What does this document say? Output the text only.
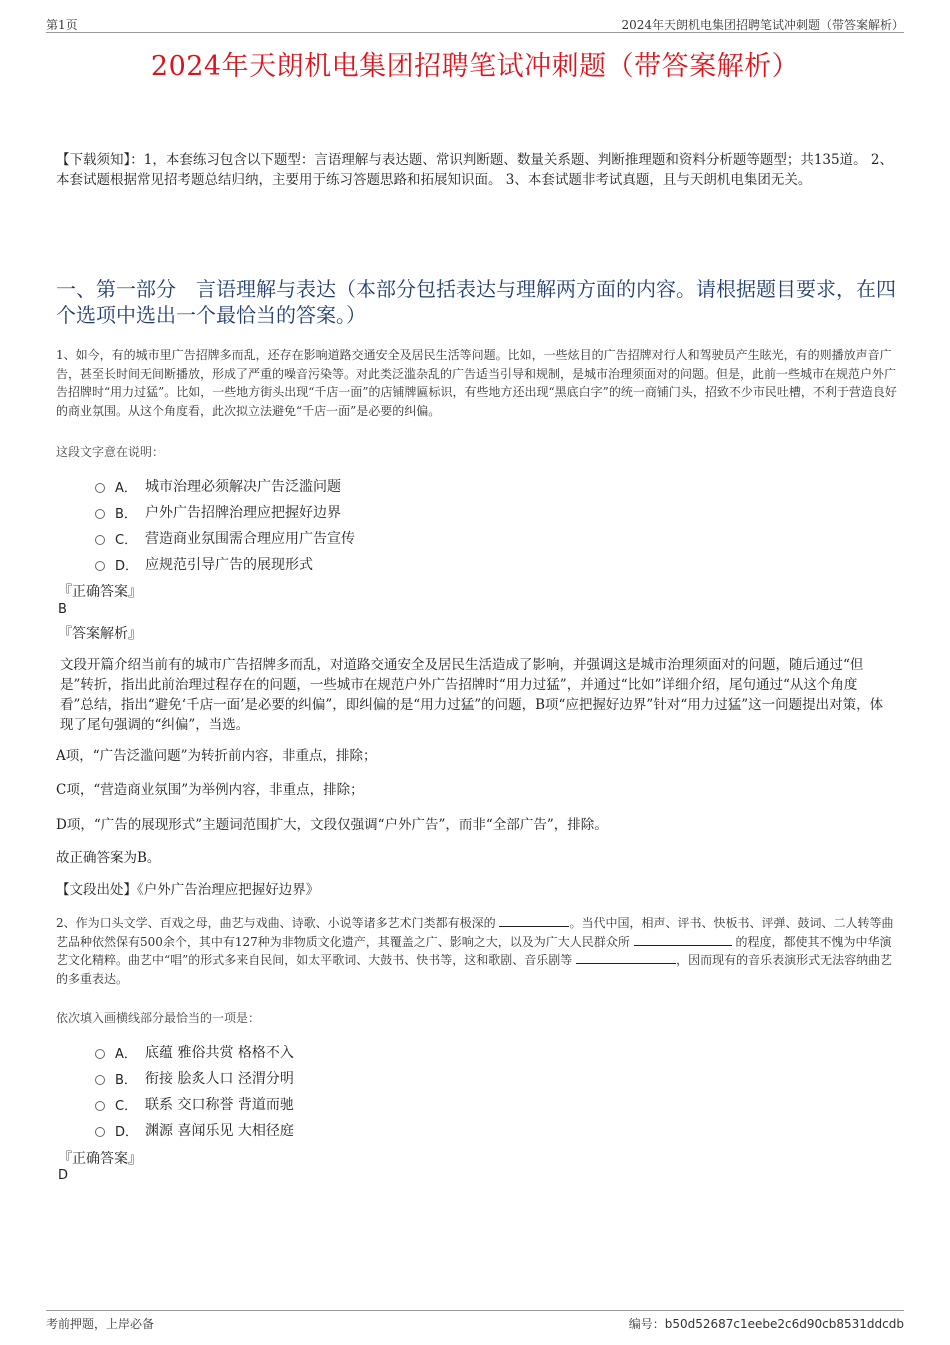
第1页	2024年天朗机电集团招聘笔试冲刺题（带答案解析）
2024年天朗机电集团招聘笔试冲刺题（带答案解析）
【下载须知】：1，本套练习包含以下题型：言语理解与表达题、常识判断题、数量关系题、判断推理题和资料分析题等题型；共135道。 2、本套试题根据常见招考题总结归纳，主要用于练习答题思路和拓展知识面。 3、本套试题非考试真题，且与天朗机电集团无关。
一、第一部分　言语理解与表达（本部分包括表达与理解两方面的内容。请根据题目要求，在四个选项中选出一个最恰当的答案。）
1、如今，有的城市里广告招牌多而乱，还存在影响道路交通安全及居民生活等问题。比如，一些炫目的广告招牌对行人和驾驶员产生眩光，有的则播放声音广告，甚至长时间无间断播放，形成了严重的噪音污染等。对此类泛滥杂乱的广告适当引导和规制，是城市治理须面对的问题。但是，此前一些城市在规范户外广告招牌时“用力过猛”。比如，一些地方街头出现“千店一面”的店铺牌匾标识，有些地方还出现“黑底白字”的统一商铺门头，招致不少市民吐槽，不利于营造良好的商业氛围。从这个角度看，此次拟立法避免“千店一面”是必要的纠偏。
这段文字意在说明：
A． 城市治理必须解决广告泛滥问题
B． 户外广告招牌治理应把握好边界
C． 营造商业氛围需合理应用广告宣传
D． 应规范引导广告的展现形式
『正确答案』
B
『答案解析』
文段开篇介绍当前有的城市广告招牌多而乱，对道路交通安全及居民生活造成了影响，并强调这是城市治理须面对的问题，随后通过“但是”转折，指出此前治理过程存在的问题，一些城市在规范户外广告招牌时“用力过猛”，并通过“比如”详细介绍，尾句通过“从这个角度看”总结，指出“避免‘千店一面’是必要的纠偏”，即纠偏的是“用力过猛”的问题，B项“应把握好边界”针对“用力过猛”这一问题提出对策，体现了尾句强调的“纠偏”，当选。
A项，“广告泛滥问题”为转折前内容，非重点，排除；
C项，“营造商业氛围”为举例内容，非重点，排除；
D项，“广告的展现形式”主题词范围扩大，文段仅强调“户外广告”，而非“全部广告”，排除。
故正确答案为B。
【文段出处】《户外广告治理应把握好边界》
2、作为口头文学、百戏之母，曲艺与戏曲、诗歌、小说等诸多艺术门类都有极深的	。当代中国，相声、评书、快板书、评弹、鼓词、二人转等曲艺品种依然保有500余个，其中有127种为非物质文化遗产，其覆盖之广、影响之大，以及为广大人民群众所	的程度，都使其不愧为中华演艺文化精粹。曲艺中“唱”的形式多来自民间，如太平歌词、大鼓书、快书等，这和歌剧、音乐剧等	，因而现有的音乐表演形式无法容纳曲艺的多重表达。
依次填入画横线部分最恰当的一项是：
A． 底蕴 雅俗共赏 格格不入
B． 衔接 脍炙人口 泾渭分明
C． 联系 交口称誉 背道而驰
D． 渊源 喜闻乐见 大相径庭
『正确答案』
D
考前押题，上岸必备	编号：b50d52687c1eebe2c6d90cb8531ddcdb
